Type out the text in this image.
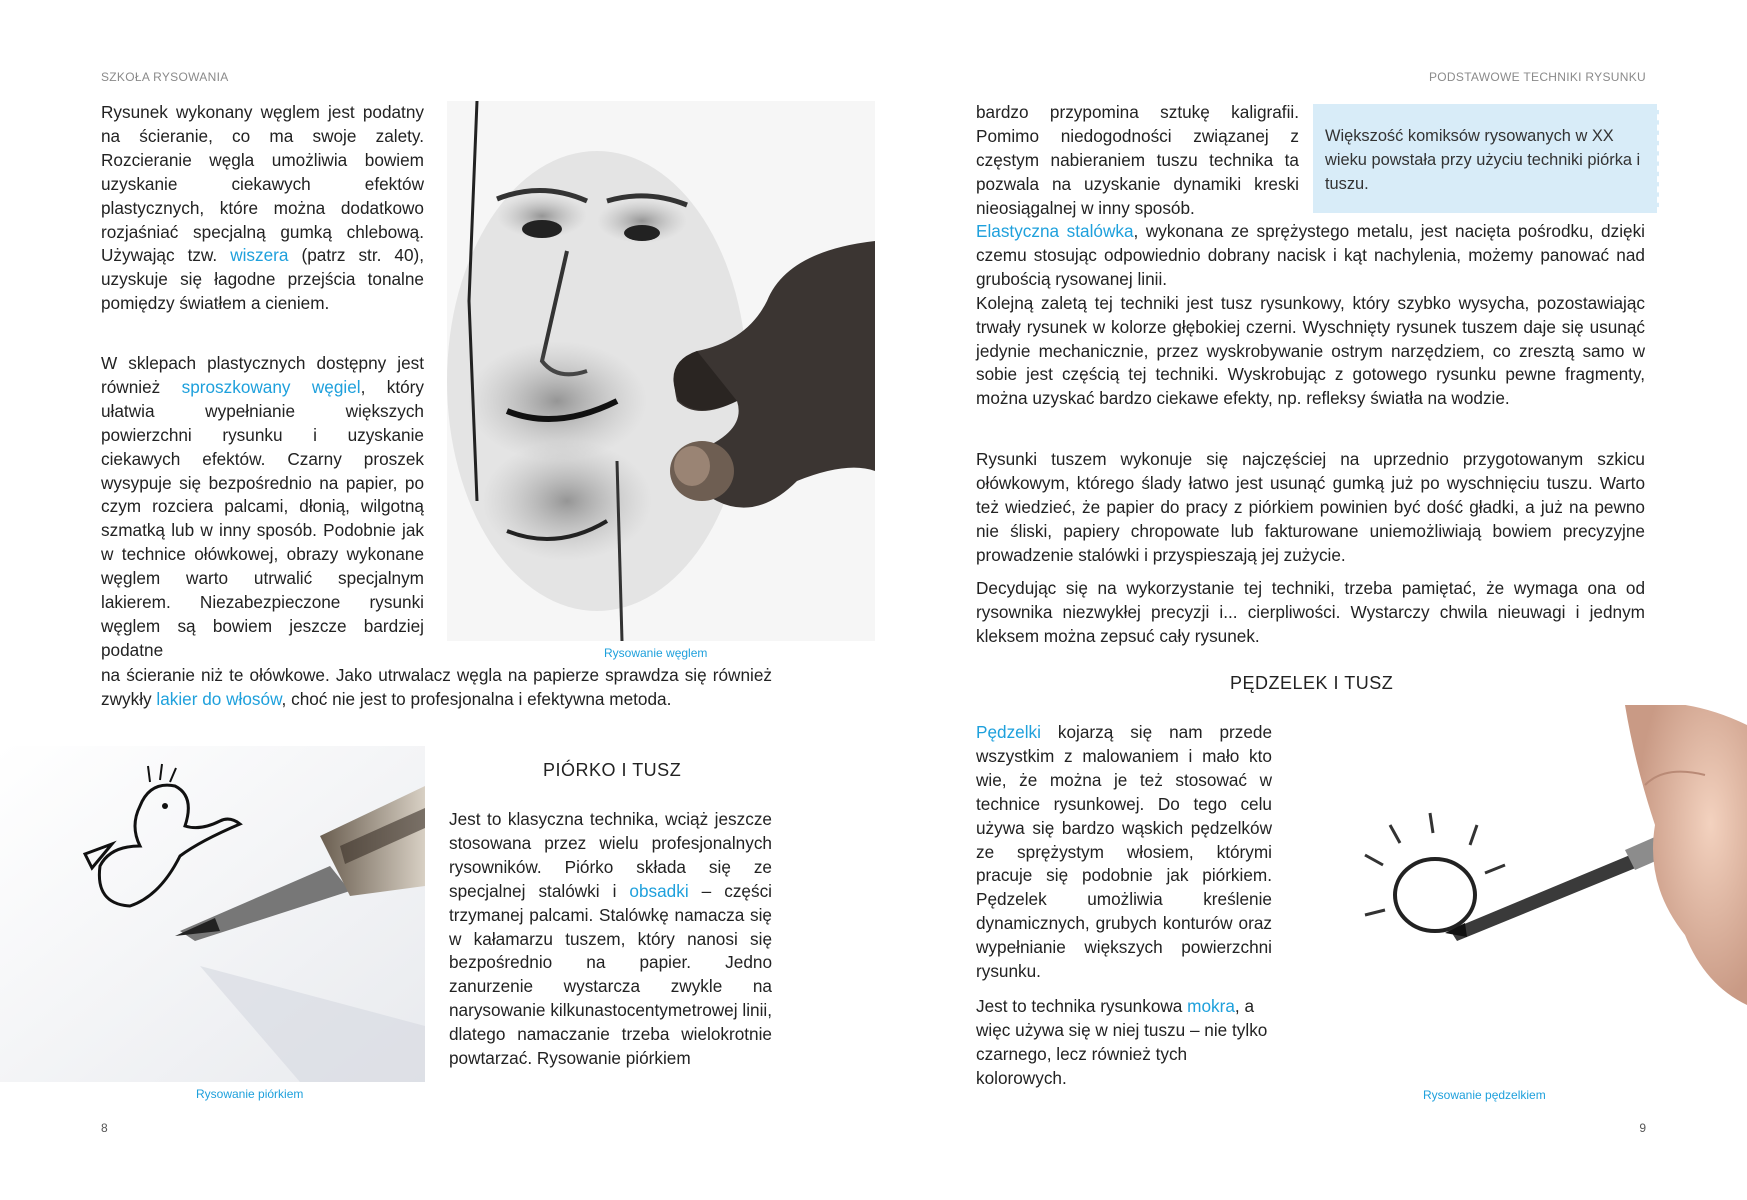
SZKOŁA RYSOWANIA

Rysunek wykonany węglem jest podatny na ścieranie, co ma swoje zalety. Rozcieranie węgla umożliwia bowiem uzyskanie ciekawych efektów plastycznych, które można dodatkowo rozjaśniać specjalną gumką chlebową. Używając tzw. wiszera (patrz str. 40), uzyskuje się łagodne przejścia tonalne pomiędzy światłem a cieniem.

W sklepach plastycznych dostępny jest również sproszkowany węgiel, który ułatwia wypełnianie większych powierzchni rysunku i uzyskanie ciekawych efektów. Czarny proszek wysypuje się bezpośrednio na papier, po czym rozciera palcami, dłonią, wilgotną szmatką lub w inny sposób. Podobnie jak w technice ołówkowej, obrazy wykonane węglem warto utrwalić specjalnym lakierem. Niezabezpieczone rysunki węglem są bowiem jeszcze bardziej podatne

na ścieranie niż te ołówkowe. Jako utrwalacz węgla na papierze sprawdza się również zwykły lakier do włosów, choć nie jest to profesjonalna i efektywna metoda.

Rysowanie węglem
Rysowanie piórkiem
PIÓRKO I TUSZ

Jest to klasyczna technika, wciąż jeszcze stosowana przez wielu profesjonalnych rysowników. Piórko składa się ze specjalnej stalówki i obsadki – części trzymanej palcami. Stalówkę namacza się w kałamarzu tuszem, który nanosi się bezpośrednio na papier. Jedno zanurzenie wystarcza zwykle na narysowanie kilkunastocentymetrowej linii, dlatego namaczanie trzeba wielokrotnie powtarzać. Rysowanie piórkiem

8
PODSTAWOWE TECHNIKI RYSUNKU

bardzo przypomina sztukę kaligrafii. Pomimo niedogodności związanej z częstym nabieraniem tuszu technika ta pozwala na uzyskanie dynamiki kreski nieosiągalnej w inny sposób.

Większość komiksów rysowanych w XX wieku powstała przy użyciu techniki piórka i tuszu.

Elastyczna stalówka, wykonana ze sprężystego metalu, jest nacięta pośrodku, dzięki czemu stosując odpowiednio dobrany nacisk i kąt nachylenia, możemy panować nad grubością rysowanej linii.

Kolejną zaletą tej techniki jest tusz rysunkowy, który szybko wysycha, pozostawiając trwały rysunek w kolorze głębokiej czerni. Wyschnięty rysunek tuszem daje się usunąć jedynie mechanicznie, przez wyskrobywanie ostrym narzędziem, co zresztą samo w sobie jest częścią tej techniki. Wyskrobując z gotowego rysunku pewne fragmenty, można uzyskać bardzo ciekawe efekty, np. refleksy światła na wodzie.

Rysunki tuszem wykonuje się najczęściej na uprzednio przygotowanym szkicu ołówkowym, którego ślady łatwo jest usunąć gumką już po wyschnięciu tuszu. Warto też wiedzieć, że papier do pracy z piórkiem powinien być dość gładki, a już na pewno nie śliski, papiery chropowate lub fakturowane uniemożliwiają bowiem precyzyjne prowadzenie stalówki i przyspieszają jej zużycie.

Decydując się na wykorzystanie tej techniki, trzeba pamiętać, że wymaga ona od rysownika niezwykłej precyzji i... cierpliwości. Wystarczy chwila nieuwagi i jednym kleksem można zepsuć cały rysunek.

PĘDZELEK I TUSZ

Pędzelki kojarzą się nam przede wszystkim z malowaniem i mało kto wie, że można je też stosować w technice rysunkowej. Do tego celu używa się bardzo wąskich pędzelków ze sprężystym włosiem, którymi pracuje się podobnie jak piórkiem. Pędzelek umożliwia kreślenie dynamicznych, grubych konturów oraz wypełnianie większych powierzchni rysunku.

Jest to technika rysunkowa mokra, a więc używa się w niej tuszu – nie tylko czarnego, lecz również tych kolorowych.

Rysowanie pędzelkiem
9
